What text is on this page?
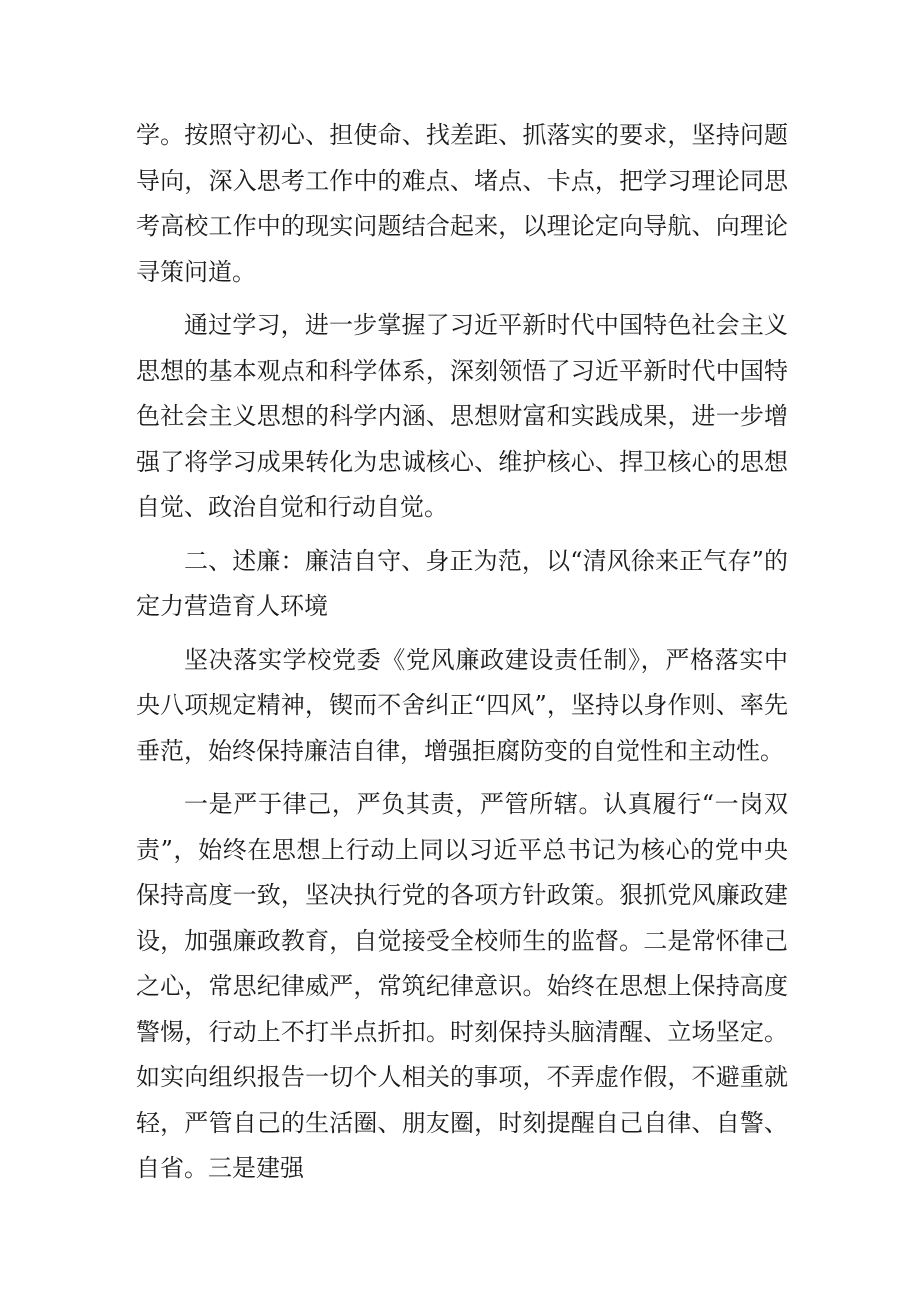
学。按照守初心、担使命、找差距、抓落实的要求，坚持问题导向，深入思考工作中的难点、堵点、卡点，把学习理论同思考高校工作中的现实问题结合起来，以理论定向导航、向理论寻策问道。

通过学习，进一步掌握了习近平新时代中国特色社会主义思想的基本观点和科学体系，深刻领悟了习近平新时代中国特色社会主义思想的科学内涵、思想财富和实践成果，进一步增强了将学习成果转化为忠诚核心、维护核心、捍卫核心的思想自觉、政治自觉和行动自觉。

二、述廉：廉洁自守、身正为范，以“清风徐来正气存”的定力营造育人环境

坚决落实学校党委《党风廉政建设责任制》，严格落实中央八项规定精神，锲而不舍纠正“四风”，坚持以身作则、率先垂范，始终保持廉洁自律，增强拒腐防变的自觉性和主动性。

一是严于律己，严负其责，严管所辖。认真履行“一岗双责”，始终在思想上行动上同以习近平总书记为核心的党中央保持高度一致，坚决执行党的各项方针政策。狠抓党风廉政建设，加强廉政教育，自觉接受全校师生的监督。二是常怀律己之心，常思纪律威严，常筑纪律意识。始终在思想上保持高度警惕，行动上不打半点折扣。时刻保持头脑清醒、立场坚定。如实向组织报告一切个人相关的事项，不弄虚作假，不避重就轻，严管自己的生活圈、朋友圈，时刻提醒自己自律、自警、自省。三是建强
